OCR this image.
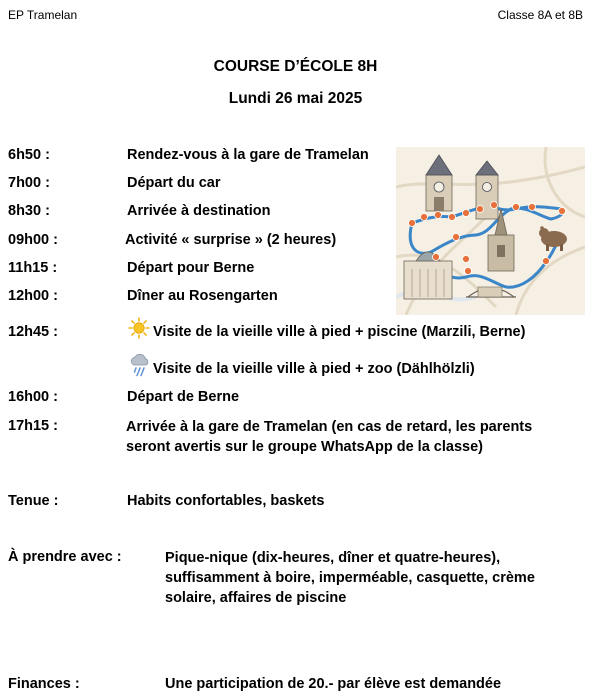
EP Tramelan	Classe 8A et 8B
COURSE D’ÉCOLE 8H
Lundi 26 mai 2025
6h50 :	Rendez-vous à la gare de Tramelan
7h00 :	Départ du car
8h30 :	Arrivée à destination
09h00 :	Activité « surprise » (2 heures)
11h15 :	Départ pour Berne
12h00 :	Dîner au Rosengarten
12h45 :	Visite de la vieille ville à pied + piscine (Marzili, Berne)
Visite de la vieille ville à pied + zoo (Dählhölzli)
16h00 :	Départ de Berne
17h15 :	Arrivée à la gare de Tramelan (en cas de retard, les parents seront avertis sur le groupe WhatsApp de la classe)
Tenue :	Habits confortables, baskets
À prendre avec :	Pique-nique (dix-heures, dîner et quatre-heures), suffisamment à boire, imperméable, casquette, crème solaire, affaires de piscine
Finances :	Une participation de 20.- par élève est demandée
